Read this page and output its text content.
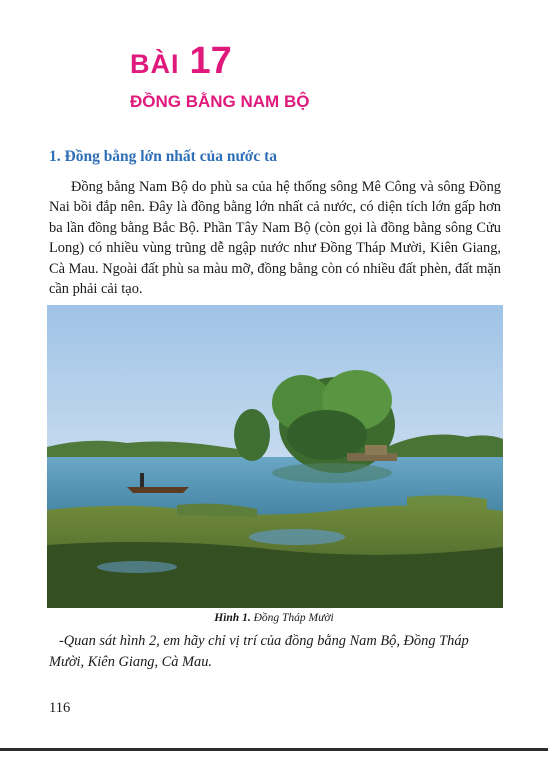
BÀI 17
ĐỒNG BẰNG NAM BỘ
1. Đồng bằng lớn nhất của nước ta

Đồng bằng Nam Bộ do phù sa của hệ thống sông Mê Công và sông Đồng Nai bồi đắp nên. Đây là đồng bằng lớn nhất cả nước, có diện tích lớn gấp hơn ba lần đồng bằng Bắc Bộ. Phần Tây Nam Bộ (còn gọi là đồng bằng sông Cửu Long) có nhiều vùng trũng dễ ngập nước như Đồng Tháp Mười, Kiên Giang, Cà Mau. Ngoài đất phù sa màu mỡ, đồng bằng còn có nhiều đất phèn, đất mặn cần phải cải tạo.

Hình 1. Đồng Tháp Mười

-Quan sát hình 2, em hãy chỉ vị trí của đồng bằng Nam Bộ, Đồng Tháp Mười, Kiên Giang, Cà Mau.

116
